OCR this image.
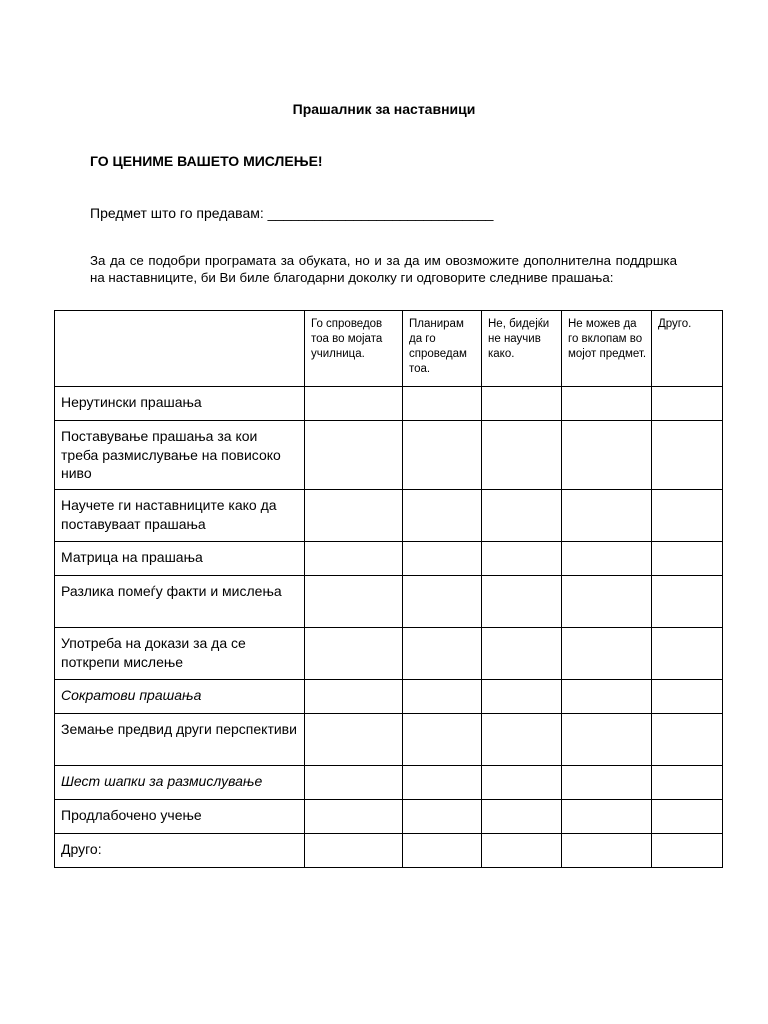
Прашалник за наставници
ГО ЦЕНИМЕ ВАШЕТО МИСЛЕЊЕ!
Предмет што го предавам: _____________________________
За да се подобри програмата за обуката, но и за да им овозможите дополнителна поддршка на наставниците, би Ви биле благодарни доколку ги одговорите следниве прашања:
	Го спроведов тоа во мојата училница.	Планирам да го спроведам тоа.	Не, бидејќи не научив како.	Не можев да го вклопам во мојот предмет.	Друго.
Нерутински прашања					
Поставување прашања за кои треба размислување на повисоко ниво					
Научете ги наставниците како да поставуваат прашања					
Матрица на прашања					
Разлика помеѓу факти и мислења					
Употреба на докази за да се поткрепи мислење					
Сократови прашања					
Земање предвид други перспективи					
Шест шапки за размислување					
Продлабочено учење					
Друго:					
